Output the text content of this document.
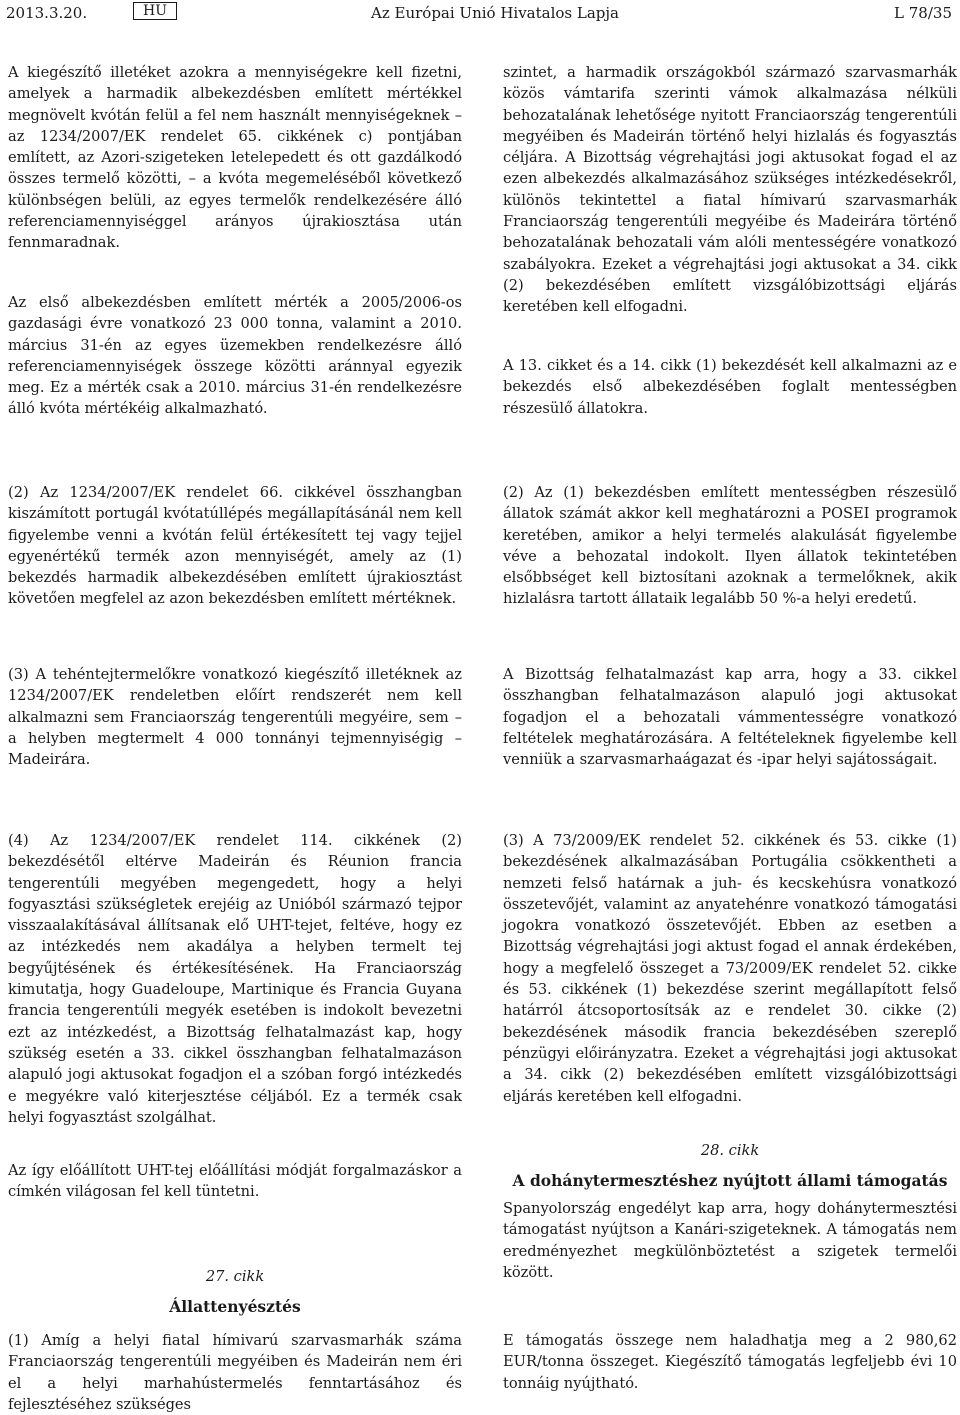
2013.3.20.	HU	Az Európai Unió Hivatalos Lapja	L 78/35

A kiegészítő illetéket azokra a mennyiségekre kell fizetni, amelyek a harmadik albekezdésben említett mértékkel megnövelt kvótán felül a fel nem használt mennyiségeknek – az 1234/2007/EK rendelet 65. cikkének c) pontjában említett, az Azori-szigeteken letelepedett és ott gazdálkodó összes termelő közötti, – a kvóta megemeléséből következő különbségen belüli, az egyes termelők rendelkezésére álló referenciamennyiséggel arányos újrakiosztása után fennmaradnak.

Az első albekezdésben említett mérték a 2005/2006-os gazdasági évre vonatkozó 23 000 tonna, valamint a 2010. március 31-én az egyes üzemekben rendelkezésre álló referenciamennyiségek összege közötti aránnyal egyezik meg. Ez a mérték csak a 2010. március 31-én rendelkezésre álló kvóta mértékéig alkalmazható.

(2) Az 1234/2007/EK rendelet 66. cikkével összhangban kiszámított portugál kvótatúllépés megállapításánál nem kell figyelembe venni a kvótán felül értékesített tej vagy tejjel egyenértékű termék azon mennyiségét, amely az (1) bekezdés harmadik albekezdésében említett újrakiosztást követően megfelel az azon bekezdésben említett mértéknek.

(3) A tehéntejtermelőkre vonatkozó kiegészítő illetéknek az 1234/2007/EK rendeletben előírt rendszerét nem kell alkalmazni sem Franciaország tengerentúli megyéire, sem – a helyben megtermelt 4 000 tonnányi tejmennyiségig – Madeirára.

(4) Az 1234/2007/EK rendelet 114. cikkének (2) bekezdésétől eltérve Madeirán és Réunion francia tengerentúli megyében megengedett, hogy a helyi fogyasztási szükségletek erejéig az Unióból származó tejpor visszaalakításával állítsanak elő UHT-tejet, feltéve, hogy ez az intézkedés nem akadálya a helyben termelt tej begyűjtésének és értékesítésének. Ha Franciaország kimutatja, hogy Guadeloupe, Martinique és Francia Guyana francia tengerentúli megyék esetében is indokolt bevezetni ezt az intézkedést, a Bizottság felhatalmazást kap, hogy szükség esetén a 33. cikkel összhangban felhatalmazáson alapuló jogi aktusokat fogadjon el a szóban forgó intézkedés e megyékre való kiterjesztése céljából. Ez a termék csak helyi fogyasztást szolgálhat.

Az így előállított UHT-tej előállítási módját forgalmazáskor a címkén világosan fel kell tüntetni.

27. cikk
Állattenyésztés

(1) Amíg a helyi fiatal hímivarú szarvasmarhák száma Franciaország tengerentúli megyéiben és Madeirán nem éri el a helyi marhahústermelés fenntartásához és fejlesztéséhez szükséges

szintet, a harmadik országokból származó szarvasmarhák közös vámtarifa szerinti vámok alkalmazása nélküli behozatalának lehetősége nyitott Franciaország tengerentúli megyéiben és Madeirán történő helyi hizlalás és fogyasztás céljára. A Bizottság végrehajtási jogi aktusokat fogad el az ezen albekezdés alkalmazásához szükséges intézkedésekről, különös tekintettel a fiatal hímivarú szarvasmarhák Franciaország tengerentúli megyéibe és Madeirára történő behozatalának behozatali vám alóli mentességére vonatkozó szabályokra. Ezeket a végrehajtási jogi aktusokat a 34. cikk (2) bekezdésében említett vizsgálóbizottsági eljárás keretében kell elfogadni.

A 13. cikket és a 14. cikk (1) bekezdését kell alkalmazni az e bekezdés első albekezdésében foglalt mentességben részesülő állatokra.

(2) Az (1) bekezdésben említett mentességben részesülő állatok számát akkor kell meghatározni a POSEI programok keretében, amikor a helyi termelés alakulását figyelembe véve a behozatal indokolt. Ilyen állatok tekintetében elsőbbséget kell biztosítani azoknak a termelőknek, akik hizlalásra tartott állataik legalább 50 %-a helyi eredetű.

A Bizottság felhatalmazást kap arra, hogy a 33. cikkel összhangban felhatalmazáson alapuló jogi aktusokat fogadjon el a behozatali vámmentességre vonatkozó feltételek meghatározására. A feltételeknek figyelembe kell venniük a szarvasmarhaágazat és -ipar helyi sajátosságait.

(3) A 73/2009/EK rendelet 52. cikkének és 53. cikke (1) bekezdésének alkalmazásában Portugália csökkentheti a nemzeti felső határnak a juh- és kecskehúsra vonatkozó összetevőjét, valamint az anyatehénre vonatkozó támogatási jogokra vonatkozó összetevőjét. Ebben az esetben a Bizottság végrehajtási jogi aktust fogad el annak érdekében, hogy a megfelelő összeget a 73/2009/EK rendelet 52. cikke és 53. cikkének (1) bekezdése szerint megállapított felső határról átcsoportosítsák az e rendelet 30. cikke (2) bekezdésének második francia bekezdésében szereplő pénzügyi előirányzatra. Ezeket a végrehajtási jogi aktusokat a 34. cikk (2) bekezdésében említett vizsgálóbizottsági eljárás keretében kell elfogadni.

28. cikk
A dohánytermesztéshez nyújtott állami támogatás

Spanyolország engedélyt kap arra, hogy dohánytermesztési támogatást nyújtson a Kanári-szigeteknek. A támogatás nem eredményezhet megkülönböztetést a szigetek termelői között.

E támogatás összege nem haladhatja meg a 2 980,62 EUR/tonna összeget. Kiegészítő támogatás legfeljebb évi 10 tonnáig nyújtható.
